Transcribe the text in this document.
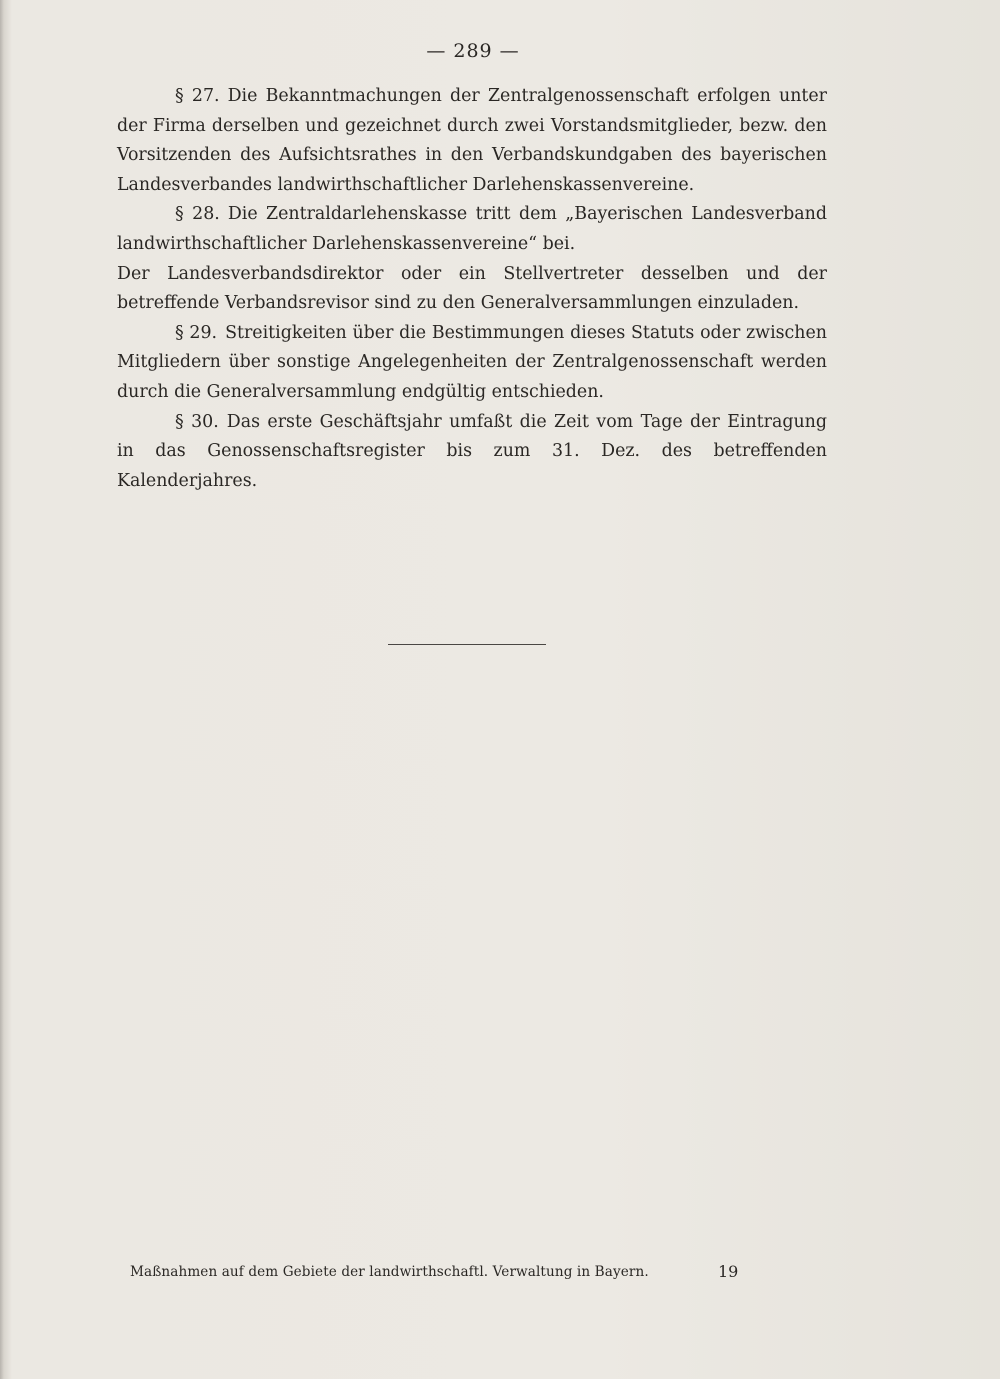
— 289 —

§ 27. Die Bekanntmachungen der Zentralgenossenschaft erfolgen unter der Firma derselben und gezeichnet durch zwei Vorstandsmitglieder, bezw. den Vorsitzenden des Aufsichtsrathes in den Verbandskundgaben des bayerischen Landesverbandes landwirthschaftlicher Darlehenskassenvereine.

§ 28. Die Zentraldarlehenskasse tritt dem „Bayerischen Landesverband landwirthschaftlicher Darlehenskassenvereine“ bei.

Der Landesverbandsdirektor oder ein Stellvertreter desselben und der betreffende Verbandsrevisor sind zu den Generalversammlungen einzuladen.

§ 29. Streitigkeiten über die Bestimmungen dieses Statuts oder zwischen Mitgliedern über sonstige Angelegenheiten der Zentralgenossenschaft werden durch die Generalversammlung endgültig entschieden.

§ 30. Das erste Geschäftsjahr umfaßt die Zeit vom Tage der Eintragung in das Genossenschaftsregister bis zum 31. Dez. des betreffenden Kalenderjahres.

Maßnahmen auf dem Gebiete der landwirthschaftl. Verwaltung in Bayern.	19
